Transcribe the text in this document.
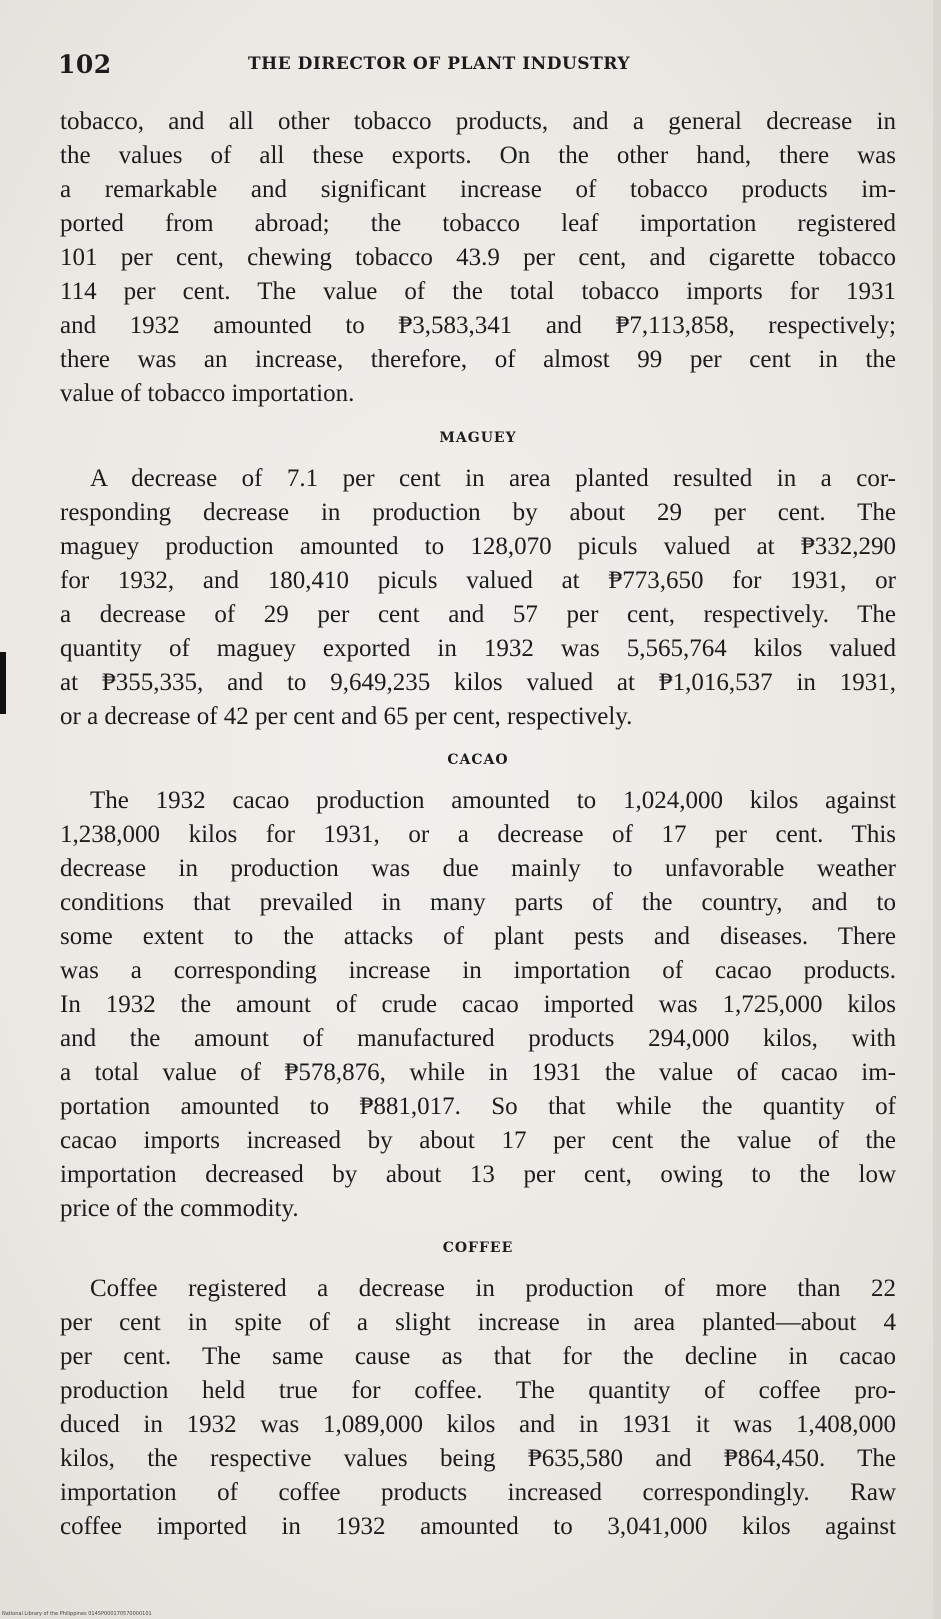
102	THE DIRECTOR OF PLANT INDUSTRY
tobacco, and all other tobacco products, and a general decrease in
the values of all these exports. On the other hand, there was
a remarkable and significant increase of tobacco products im-
ported from abroad; the tobacco leaf importation registered
101 per cent, chewing tobacco 43.9 per cent, and cigarette tobacco
114 per cent. The value of the total tobacco imports for 1931
and 1932 amounted to ₱3,583,341 and ₱7,113,858, respectively;
there was an increase, therefore, of almost 99 per cent in the
value of tobacco importation.
MAGUEY
A decrease of 7.1 per cent in area planted resulted in a cor-
responding decrease in production by about 29 per cent. The
maguey production amounted to 128,070 piculs valued at ₱332,290
for 1932, and 180,410 piculs valued at ₱773,650 for 1931, or
a decrease of 29 per cent and 57 per cent, respectively. The
quantity of maguey exported in 1932 was 5,565,764 kilos valued
at ₱355,335, and to 9,649,235 kilos valued at ₱1,016,537 in 1931,
or a decrease of 42 per cent and 65 per cent, respectively.
CACAO
The 1932 cacao production amounted to 1,024,000 kilos against
1,238,000 kilos for 1931, or a decrease of 17 per cent. This
decrease in production was due mainly to unfavorable weather
conditions that prevailed in many parts of the country, and to
some extent to the attacks of plant pests and diseases. There
was a corresponding increase in importation of cacao products.
In 1932 the amount of crude cacao imported was 1,725,000 kilos
and the amount of manufactured products 294,000 kilos, with
a total value of ₱578,876, while in 1931 the value of cacao im-
portation amounted to ₱881,017. So that while the quantity of
cacao imports increased by about 17 per cent the value of the
importation decreased by about 13 per cent, owing to the low
price of the commodity.
COFFEE
Coffee registered a decrease in production of more than 22
per cent in spite of a slight increase in area planted—about 4
per cent. The same cause as that for the decline in cacao
production held true for coffee. The quantity of coffee pro-
duced in 1932 was 1,089,000 kilos and in 1931 it was 1,408,000
kilos, the respective values being ₱635,580 and ₱864,450. The
importation of coffee products increased correspondingly. Raw
coffee imported in 1932 amounted to 3,041,000 kilos against
National Library of the Philippines 0145P000170570000101
